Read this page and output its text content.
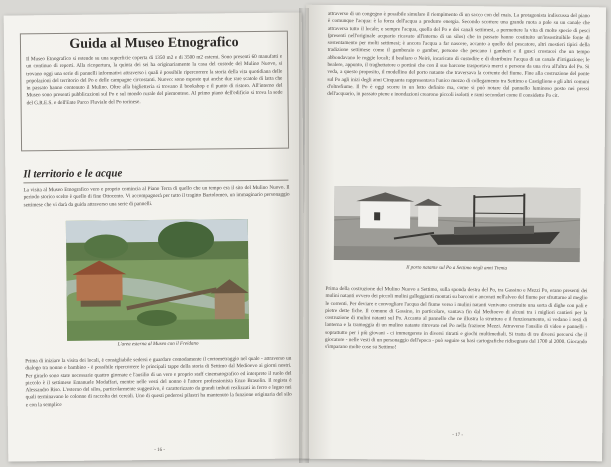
Guida al Museo Etnografico

Il Museo Etnografico si estende su una superficie coperta di 1350 m2 e di 3500 m2 esterni. Sono presenti 60 manufatti e un continuo di reperti. Alla ricopertura, la quinta dei sei ha originariamente la casa del custode del Mulino Nuovo, si trovano oggi una serie di pannelli informativi attraverso i quali è possibile ripercorrere la storia della vita quotidiana delle popolazioni del territorio del Po e delle campagne circostanti. Nuovo: sono esposte qui anche due rare scatole di latta che in passato hanno contenuto il Mulino. Oltre alla biglietteria si trovano il bookshop e il punto di ristoro. All'interno del Museo sono presenti pubblicazioni sul Po e sul mondo rurale del piemontese. Al primo piano dell'edificio si trova la sede del G.R.E.S. e dell'Ente Parco Fluviale del Po torinese.

Il territorio e le acque

La visita al Museo Etnografico vero e proprio comincia al Piano Terra di quello che un tempo era il sito del Mulino Nuovo. Il periodo storico scelto è quello di fine Ottocento. Vi accompagnerà per tutto il tragitto Bartolomeo, un immaginario personaggio settimese che vi darà da guida attraverso una serie di pannelli.

L'area esterna al Museo con il Freidano

Prima di iniziare la visita dei locali, è consigliabile sedersi e guardare comodamente il cortometraggio nel quale - attraverso un dialogo tra nonno e bambino - è possibile ripercorrere le principali tappe della storia di Settimo dal Medioevo ai giorni nostri. Per girarlo sono state necessarie quattro giornate e l'ausilio di un vero e proprio staff cinematografico ed interprete il ruolo del piccolo è il settimese Emanuele Modaffari, mentre nelle vesti del nonno è l'attore professionista Enzo Brasolin. Il regista è Alessandro Riso. L'esterno del silos, particolarmente suggestivo, è caratterizzato da grandi imbuti realizzati in ferro e legno nei quali terminavano le colonne di raccolta dei cereali. Uno di questi poderosi pilastri ha mantenuto la funzione originaria del silo e con la semplice

- 16 -

attraverso di un congegno è possibile simulare il riempimento di un sacco con del mais. La protagonista indiscussa del piano è comunque l'acqua: è la forza dell'acqua a produrre energia. Secondo scorrere una grande ruota a pale su un canale che attraversa tutto il locale; e sempre l'acqua, quella del Po e dei canali settimesi, a permettere la vita di molte specie di pesci (presenti nell'originale acquario ricavato all'interno di un silos) che in passato hanno costituito un'insostituibile fonte di sostentamento per molti settimesi; è ancora l'acqua a far nascere, accanto a quello del pescatore, altri mestieri tipici della tradizione settimese come il gamberaio o gamber, persone che pescano i gamberi e il gusci crostacei che un tempo abbondavano le roggie locali; il bealiaro o Neirè, incaricato di custodire e di distribuire l'acqua di un canale d'irrigazione; le bealere, appunto, il traghettatore o portinè che con il suo barcone trasportava merci e persone da una riva all'altra del Po. Si veda, a questo proposito, il modellino del porto natante che traversava la corrente del fiume. Fine alla costruzione del ponte sul Po agli inizi degli anni Cinquanta rappresentava l'unico mezzo di collegamento tra Settimo e Castiglione e gli altri comuni d'oltrefiume. Il Po è oggi scorre in un letto definito ma, come si può notare dal pannello luminoso posto nei pressi dell'acquario, in passato piene e inondazioni crearono piccoli isolotti e rami secondari come il considetto Po cit.

Il porto natante sul Po a Settimo negli anni Trenta

Prima della costruzione del Mulino Nuovo a Settimo, sulla sponda destra del Po, tra Gassino e Mezzi Po, erano presenti dei mulini natanti ovvero dei piccoli mulini galleggianti montati su barconi e ancorati nell'alveo del fiume per sfruttarne al meglio le correnti. Per deviare e convogliare l'acqua del fiume verso i mulini natanti venivano costruite una sorta di dighe con pali e pietre dette fiche. Il comune di Gassino, in particolare, vantava fin dal Medioevo di alcuni tra i migliori cantieri per la costruzione di mulini natanti sul Po. Accanto al pannello che ne illustra la struttura e il funzionamento, si vedano i resti di lanterna e la tramoggia di un mulino natante ritrovato nel Po nella frazione Mezzi. Attraverso l'ausilio di video e pannelli - soprattutto per i più giovani - ci immergerete in diversi ritratti e giochi multimediali. Si tratta di tre diversi percorsi che il giocatore - nelle vesti di un personaggio dell'epoca - può seguire su basi cartografiche ridisegnate dal 1700 al 2000. Giocando s'imparano molte cose su Settimo!

- 17 -
